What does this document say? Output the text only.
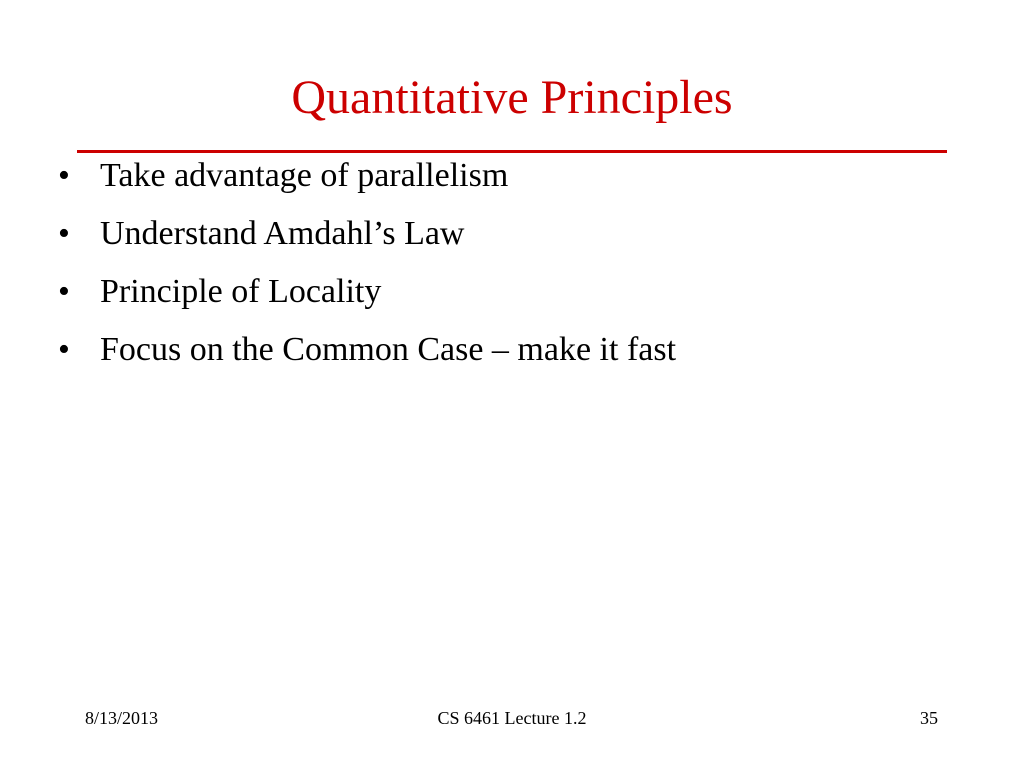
Quantitative Principles
• Take advantage of parallelism
• Understand Amdahl’s Law
• Principle of Locality
• Focus on the Common Case – make it fast
8/13/2013	CS 6461 Lecture 1.2	35
